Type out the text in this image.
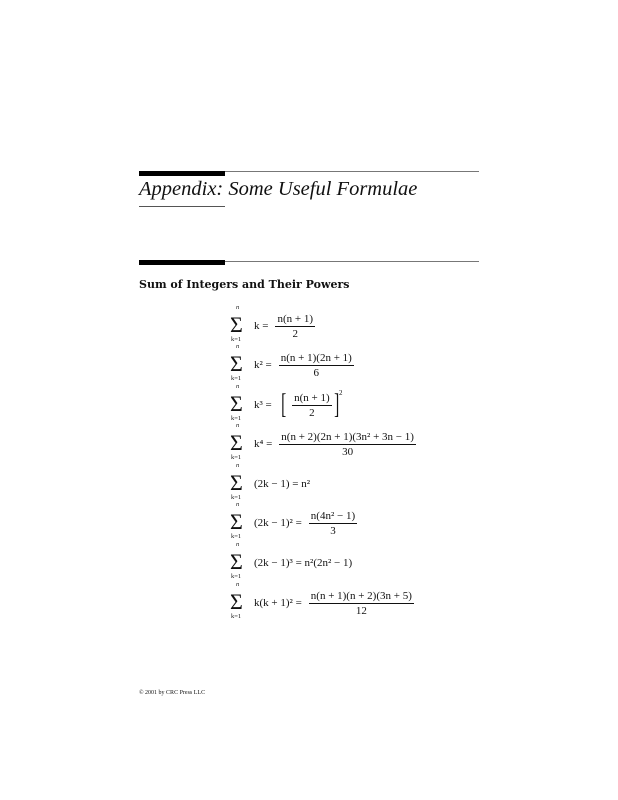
Appendix: Some Useful Formulae
Sum of Integers and Their Powers
n
Σ
k=1
$k = \frac{n(n + 1)}{2}$
n
Σ
k=1
$k^2 = \frac{n(n + 1)(2n + 1)}{6}$
n
Σ
k=1
k³ = [ $\frac{n(n + 1)}{2}$ ] 2
n
Σ
k=1
$k^4 = \frac{\text{n(n + 2)(2n + 1)(3n² + 3n − 1)}}{30}$
n
Σ
k=1
(2k − 1) = n²
n
Σ
k=1
$(2k - 1)^2 = \frac{\text{n(4n² − 1)}}{3}$
n
Σ
k=1
(2k − 1)³ = n²(2n² − 1)
n
Σ
k=1
$k(k + 1)^2 = \frac{n(n + 1)(n + 2)(3n + 5)}{12}$
© 2001 by CRC Press LLC
